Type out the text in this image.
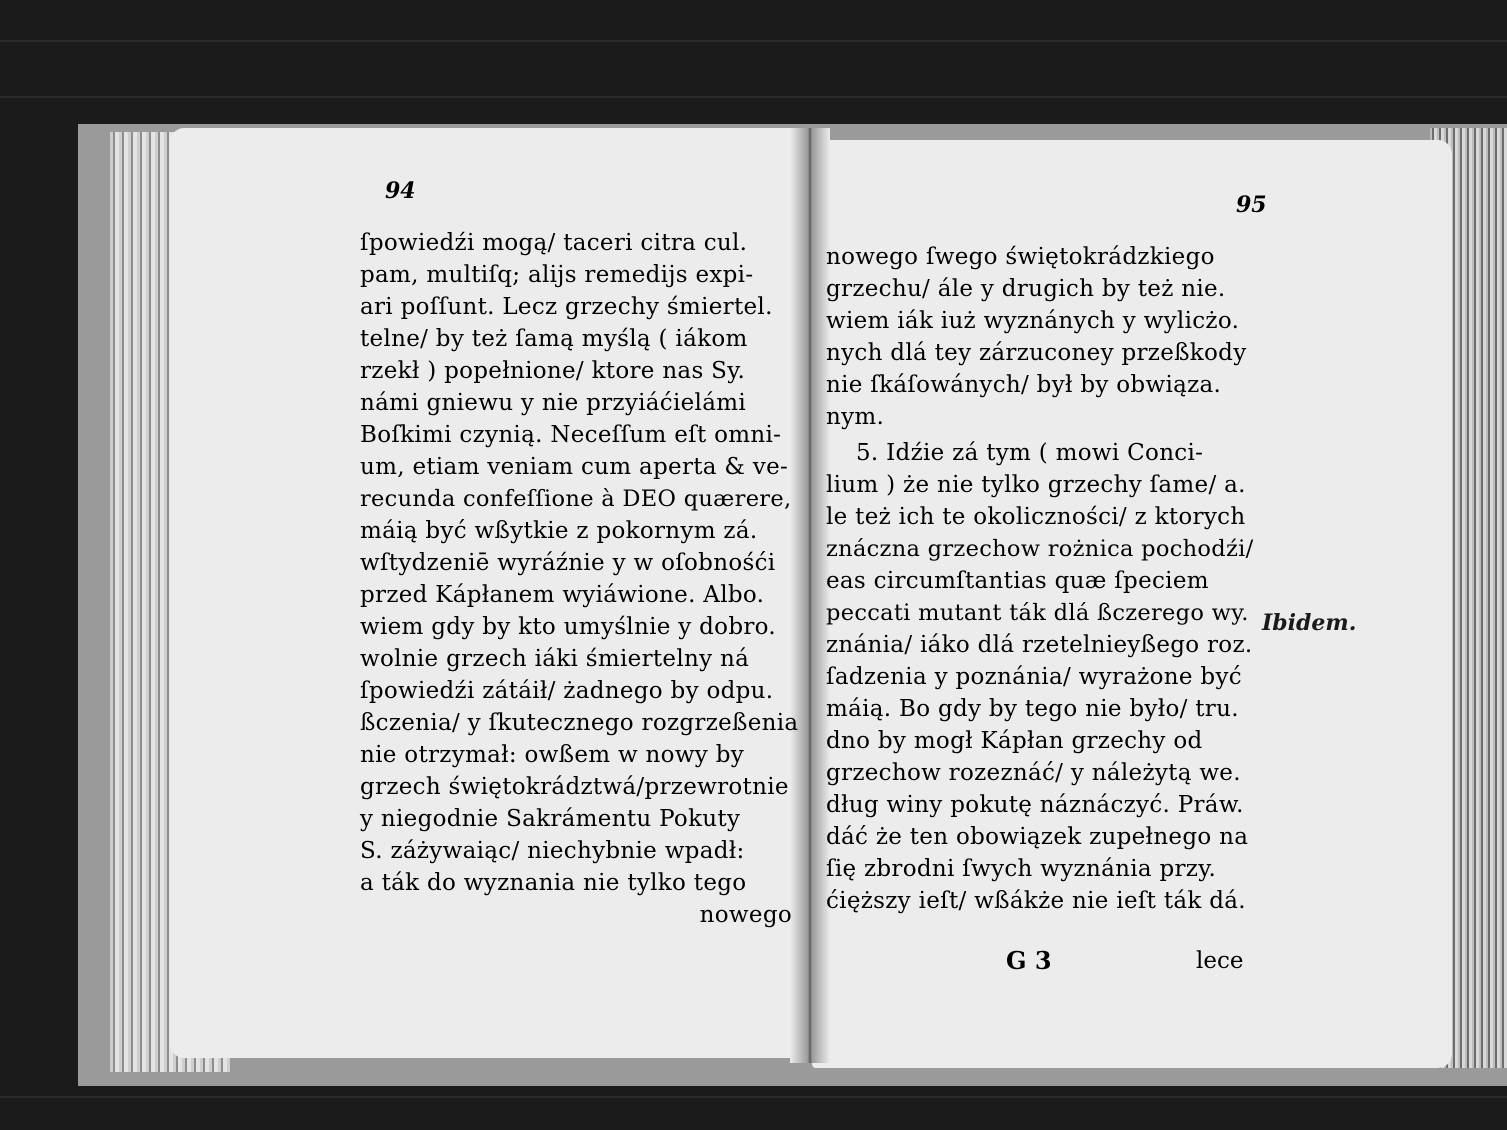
94
ſpowiedźi mogą/ taceri citra cul.
pam, multiſq; alijs remedijs expi-
ari poſſunt. Lecz grzechy śmiertel.
telne/ by też ſamą myślą ( iákom
rzekł ) popełnione/ ktore nas Sy.
námi gniewu y nie przyiáćielámi
Boſkimi czynią. Neceſſum eſt omni-
um, etiam veniam cum aperta & ve-
recunda confeſſione à DEO quærere,
máią być wßytkie z pokornym zá.
wſtydzeniē wyráźnie y w oſobnośći
przed Kápłanem wyiáwione. Albo.
wiem gdy by kto umyślnie y dobro.
wolnie grzech iáki śmiertelny ná
ſpowiedźi zátáił/ żadnego by odpu.
ßczenia/ y ſkutecznego rozgrzeßenia
nie otrzymał: owßem w nowy by
grzech świętokrádztwá/przewrotnie
y niegodnie Sakrámentu Pokuty
S. záżywaiąc/ niechybnie wpadł:
a ták do wyznania nie tylko tego
nowego
95
nowego ſwego świętokrádzkiego
grzechu/ ále y drugich by też nie.
wiem iák iuż wyznánych y wylicżo.
nych dlá tey zárzuconey przeßkody
nie ſkáſowánych/ był by obwiąza.
nym.
5. Idźie zá tym ( mowi Conci-
lium ) że nie tylko grzechy ſame/ a.
le też ich te okoliczności/ z ktorych
znáczna grzechow rożnica pochodźi/
eas circumſtantias quæ ſpeciem
peccati mutant ták dlá ßczerego wy.
znánia/ iáko dlá rzetelnieyßego roz.
ſadzenia y poznánia/ wyrażone być
máią. Bo gdy by tego nie było/ tru.
dno by mogł Kápłan grzechy od
grzechow rozeznáć/ y náleżytą we.
dług winy pokutę náznáczyć. Práw.
dáć że ten obowiązek zupełnego na
ſię zbrodni ſwych wyznánia przy.
ćięższy ieſt/ wßákże nie ieſt ták dá.
G 3	lece
Ibidem.
